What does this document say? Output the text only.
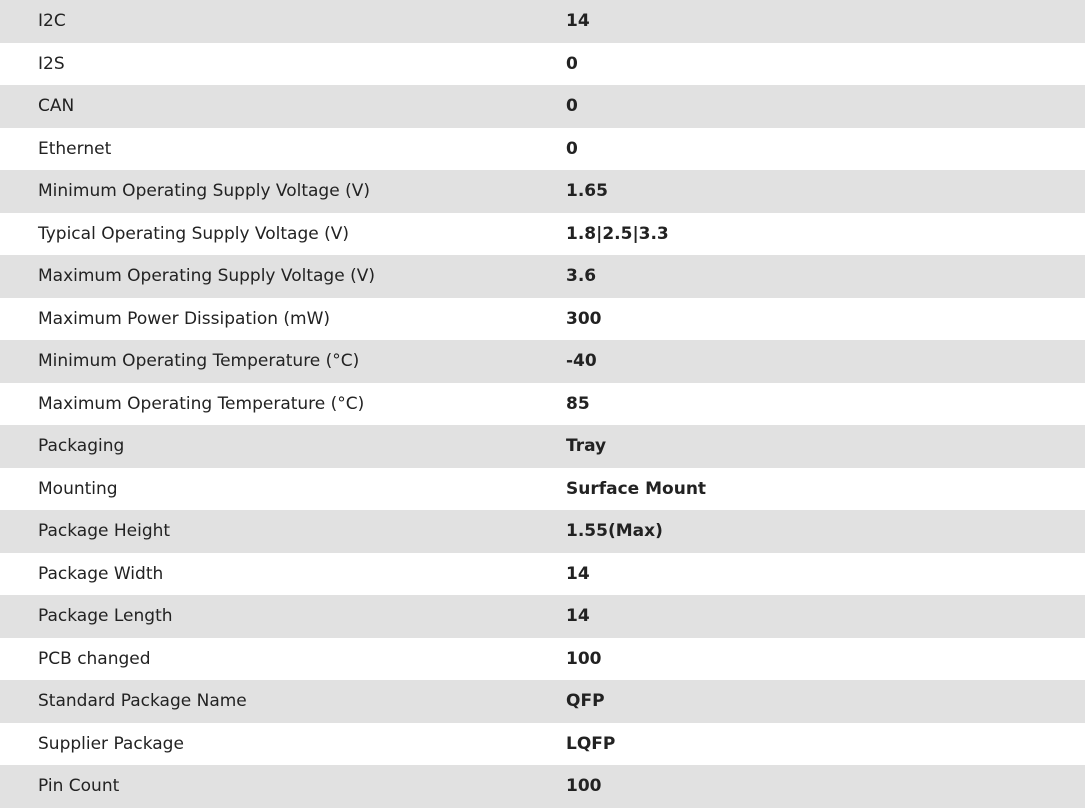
I2C	14
I2S	0
CAN	0
Ethernet	0
Minimum Operating Supply Voltage (V)	1.65
Typical Operating Supply Voltage (V)	1.8|2.5|3.3
Maximum Operating Supply Voltage (V)	3.6
Maximum Power Dissipation (mW)	300
Minimum Operating Temperature (°C)	-40
Maximum Operating Temperature (°C)	85
Packaging	Tray
Mounting	Surface Mount
Package Height	1.55(Max)
Package Width	14
Package Length	14
PCB changed	100
Standard Package Name	QFP
Supplier Package	LQFP
Pin Count	100
